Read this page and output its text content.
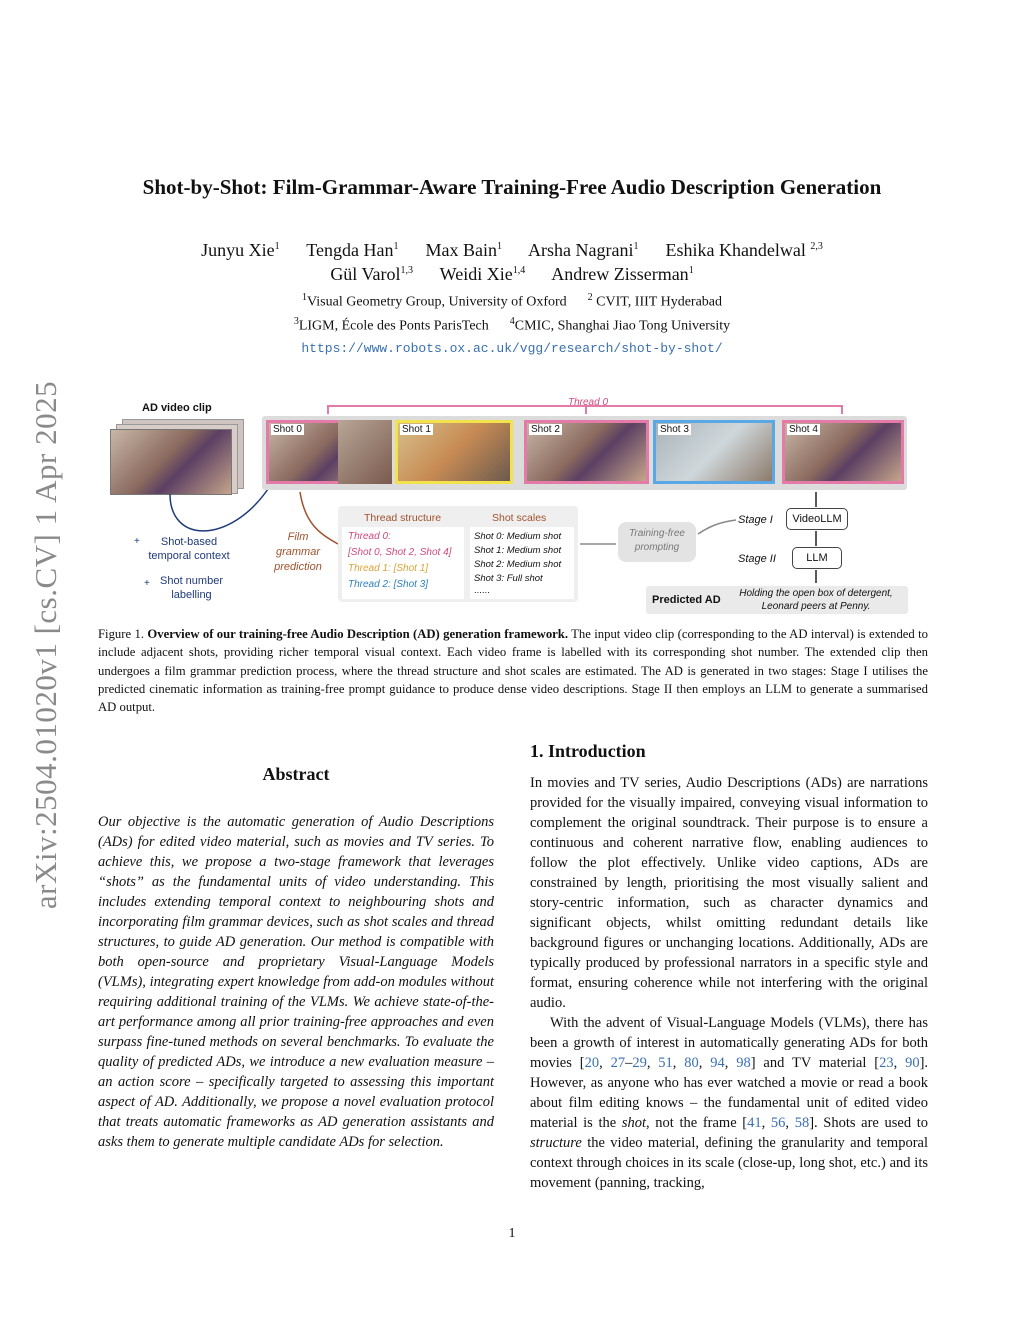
arXiv:2504.01020v1 [cs.CV] 1 Apr 2025
Shot-by-Shot: Film-Grammar-Aware Training-Free Audio Description Generation
Junyu Xie$^1$ Tengda Han$^1$ Max Bain$^1$ Arsha Nagrani$^1$ Eshika Khandelwal $^{2,3}$
Gül Varol$^{1,3}$ Weidi Xie$^{1,4}$ Andrew Zisserman$^1$
$^1$Visual Geometry Group, University of Oxford $^2$ CVIT, IIIT Hyderabad
$^3$LIGM, École des Ponts ParisTech $^4$CMIC, Shanghai Jiao Tong University
https://www.robots.ox.ac.uk/vgg/research/shot-by-shot/
AD video clip
Shot 0	Shot 1	Shot 2	Shot 3	Shot 4
Thread 0
+	Shot-based temporal context
+ Shot number labelling
Film grammar prediction
Thread structure	Shot scales
Thread 0:
[Shot 0, Shot 2, Shot 4]
Thread 1: [Shot 1]
Thread 2: [Shot 3]
Shot 0: Medium shot
Shot 1: Medium shot
Shot 2: Medium shot
Shot 3: Full shot
......
Training-free prompting
Stage I
Stage II
VideoLLM
LLM
Predicted AD
Holding the open box of detergent, Leonard peers at Penny.
Figure 1. Overview of our training-free Audio Description (AD) generation framework. The input video clip (corresponding to the AD interval) is extended to include adjacent shots, providing richer temporal visual context. Each video frame is labelled with its corresponding shot number. The extended clip then undergoes a film grammar prediction process, where the thread structure and shot scales are estimated. The AD is generated in two stages: Stage I utilises the predicted cinematic information as training-free prompt guidance to produce dense video descriptions. Stage II then employs an LLM to generate a summarised AD output.
Abstract
Our objective is the automatic generation of Audio Descriptions (ADs) for edited video material, such as movies and TV series. To achieve this, we propose a two-stage framework that leverages “shots” as the fundamental units of video understanding. This includes extending temporal context to neighbouring shots and incorporating film grammar devices, such as shot scales and thread structures, to guide AD generation. Our method is compatible with both open-source and proprietary Visual-Language Models (VLMs), integrating expert knowledge from add-on modules without requiring additional training of the VLMs. We achieve state-of-the-art performance among all prior training-free approaches and even surpass fine-tuned methods on several benchmarks. To evaluate the quality of predicted ADs, we introduce a new evaluation measure – an action score – specifically targeted to assessing this important aspect of AD. Additionally, we propose a novel evaluation protocol that treats automatic frameworks as AD generation assistants and asks them to generate multiple candidate ADs for selection.
1. Introduction

In movies and TV series, Audio Descriptions (ADs) are narrations provided for the visually impaired, conveying visual information to complement the original soundtrack. Their purpose is to ensure a continuous and coherent narrative flow, enabling audiences to follow the plot effectively. Unlike video captions, ADs are constrained by length, prioritising the most visually salient and story-centric information, such as character dynamics and significant objects, whilst omitting redundant details like background figures or unchanging locations. Additionally, ADs are typically produced by professional narrators in a specific style and format, ensuring coherence while not interfering with the original audio.

With the advent of Visual-Language Models (VLMs), there has been a growth of interest in automatically generating ADs for both movies [20, 27–29, 51, 80, 94, 98] and TV material [23, 90]. However, as anyone who has ever watched a movie or read a book about film editing knows – the fundamental unit of edited video material is the shot, not the frame [41, 56, 58]. Shots are used to structure the video material, defining the granularity and temporal context through choices in its scale (close-up, long shot, etc.) and its movement (panning, tracking,

1
